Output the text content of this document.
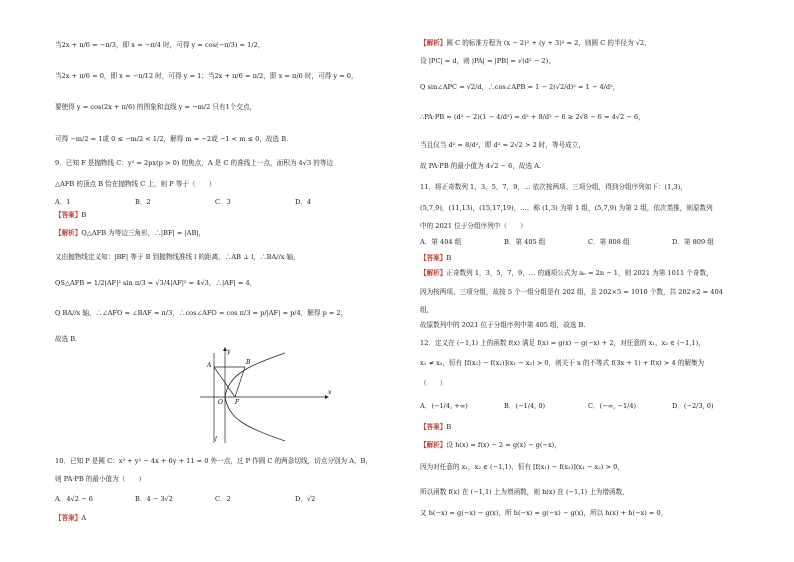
当2x + π/6 = −π/3，即 x = −π/4 时，可得 y = cos(−π/3) = 1/2，
当2x + π/6 = 0，即 x = −π/12 时，可得 y = 1；当2x + π/6 = π/2，即 x = π/6 时，可得 y = 0，
要使得 y = cos(2x + π/6) 的图象和直线 y = −m/2 只有1个交点，
可得 −m/2 = 1或 0 ≤ −m/2 < 1/2，解得 m = −2或 −1 < m ≤ 0，故选 B.
9．已知 F 是抛物线 C：y² = 2px(p > 0) 的焦点，A 是 C 的准线上一点，面积为 4√3 的等边
△AFB 的顶点 B 恰在抛物线 C 上，则 P 等于（　　）
A．1	B．2	C．3	D．4
【答案】B
【解析】Q△AFB 为等边三角形，∴|BF| = |AB|，
又由抛物线定义知：|BF| 等于 B 到抛物线准线 l 的距离，∴AB ⊥ l，∴BA//x 轴，
QS△AFB = 1/2|AF|² sin π/3 = √3/4|AF|² = 4√3，∴|AF| = 4，
Q BA//x 轴，∴∠AFO = ∠BAF = π/3，∴cos∠AFO = cos π/3 = p/|AF| = p/4，解得 p = 2，
故选 B.
y
x
A	B
O F
l
10．已知 P 是圆 C：x² + y² − 4x + 6y + 11 = 0 外一点，过 P 作圆 C 的两条切线，切点分别为 A，B，
则 PA·PB 的最小值为（　　）
A．4√2 − 6	B．4 − 3√2	C．2	D．√2
【答案】A
【解析】圆 C 的标准方程为 (x − 2)² + (y + 3)² = 2，则圆 C 的半径为 √2，
设 |PC| = d，则 |PA| = |PB| = √(d² − 2)，
Q sin∠APC = √2/d，∴cos∠APB = 1 − 2(√2/d)² = 1 − 4/d²，
∴PA·PB = (d² − 2)(1 − 4/d²) = d² + 8/d² − 6 ≥ 2√8 − 6 = 4√2 − 6，
当且仅当 d² = 8/d²，即 d² = 2√2 > 2 时，等号成立，
故 PA·PB 的最小值为 4√2 − 6，故选 A.
11．将正奇数列 1，3，5，7，9，… 依次按两项、三项分组，得到分组序列如下：(1,3)，
(5,7,9)，(11,13)，(15,17,19)，…，称 (1,3) 为第 1 组，(5,7,9) 为第 2 组，依次类推，则原数列
中的 2021 位于分组序列中（　　）
A．第 404 组	B．第 405 组	C．第 808 组	D．第 809 组
【答案】B
【解析】正奇数列 1，3，5，7，9，… 的通项公式为 aₙ = 2n − 1，则 2021 为第 1011 个奇数，
因为按两项、三项分组，故按 5 个一组分组是有 202 组，且 202×5 = 1010 个数，共 202×2 = 404
组，
故原数列中的 2021 位于分组序列中第 405 组，故选 B.
12．定义在 (−1,1) 上的函数 f(x) 满足 f(x) = g(x) − g(−x) + 2，对任意的 x₁，x₂ ∈ (−1,1)，
x₁ ≠ x₂，恒有 [f(x₁) − f(x₂)](x₁ − x₂) > 0，则关于 x 的不等式 f(3x + 1) + f(x) > 4 的解集为
（　　）
A．(−1/4, +∞)	B．(−1/4, 0)	C．(−∞, −1/4)	D．(−2/3, 0)
【答案】B
【解析】设 h(x) = f(x) − 2 = g(x) − g(−x)，
因为对任意的 x₁，x₂ ∈ (−1,1)，恒有 [f(x₁) − f(x₂)](x₁ − x₂) > 0，
所以函数 f(x) 在 (−1,1) 上为增函数，则 h(x) 在 (−1,1) 上为增函数，
又 h(−x) = g(−x) − g(x)，所 h(−x) = g(−x) − g(x)，所以 h(x) + h(−x) = 0，
